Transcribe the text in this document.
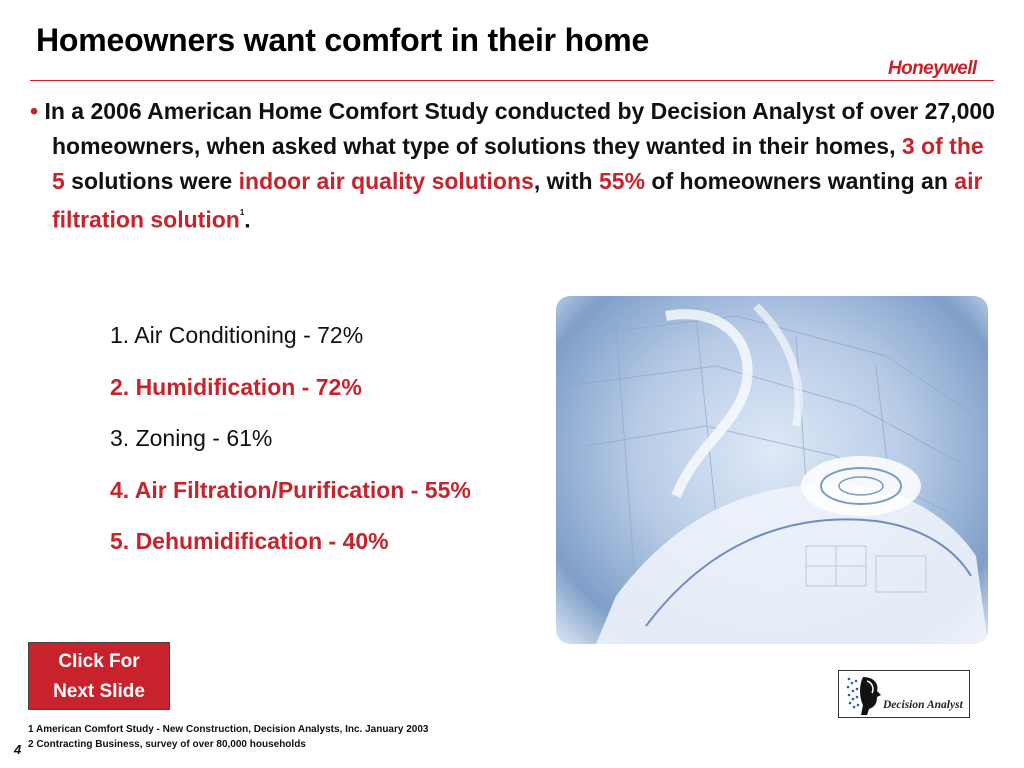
Homeowners want comfort in their home
Honeywell
• In a 2006 American Home Comfort Study conducted by Decision Analyst of over 27,000 homeowners, when asked what type of solutions they wanted in their homes, 3 of the 5 solutions were indoor air quality solutions, with 55% of homeowners wanting an air filtration solution$^1$.
1. Air Conditioning - 72%
2. Humidification - 72%
3. Zoning - 61%
4. Air Filtration/Purification - 55%
5. Dehumidification - 40%
Click For
Next Slide
Decision Analyst
1 American Comfort Study - New Construction, Decision Analysts, Inc. January 2003
2 Contracting Business, survey of over 80,000 households
4
